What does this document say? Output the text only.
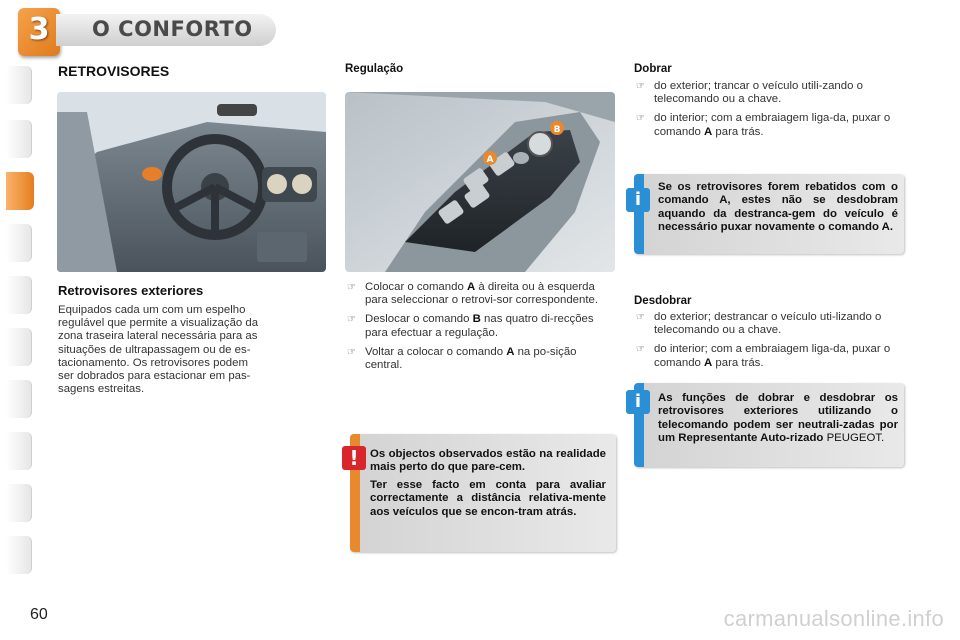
3	O CONFORTO
RETROVISORES
A
B
Retrovisores exteriores
Equipados cada um com um espelho
regulável que permite a visualização da
zona traseira lateral necessária para as
situações de ultrapassagem ou de es-
tacionamento. Os retrovisores podem
ser dobrados para estacionar em pas-
sagens estreitas.
Regulação
☞ Colocar o comando A à direita ou à esquerda para seleccionar o retrovi-sor correspondente.
☞ Deslocar o comando B nas quatro di-recções para efectuar a regulação.
☞ Voltar a colocar o comando A na po-sição central.
!	Os objectos observados estão na realidade mais perto do que pare-cem.
Ter esse facto em conta para avaliar correctamente a distância relativa-mente aos veículos que se encon-tram atrás.
Dobrar
☞ do exterior; trancar o veículo utili-zando o telecomando ou a chave.
☞ do interior; com a embraiagem liga-da, puxar o comando A para trás.
i
Se os retrovisores forem rebatidos com o comando A, estes não se desdobram aquando da destranca-gem do veículo é necessário puxar novamente o comando A.
Desdobrar
☞ do exterior; destrancar o veículo uti-lizando o telecomando ou a chave.
☞ do interior; com a embraiagem liga-da, puxar o comando A para trás.
i	As funções de dobrar e desdobrar os retrovisores exteriores utilizando o telecomando podem ser neutrali-zadas por um Representante Auto-rizado PEUGEOT.
60	carmanualsonline.info
